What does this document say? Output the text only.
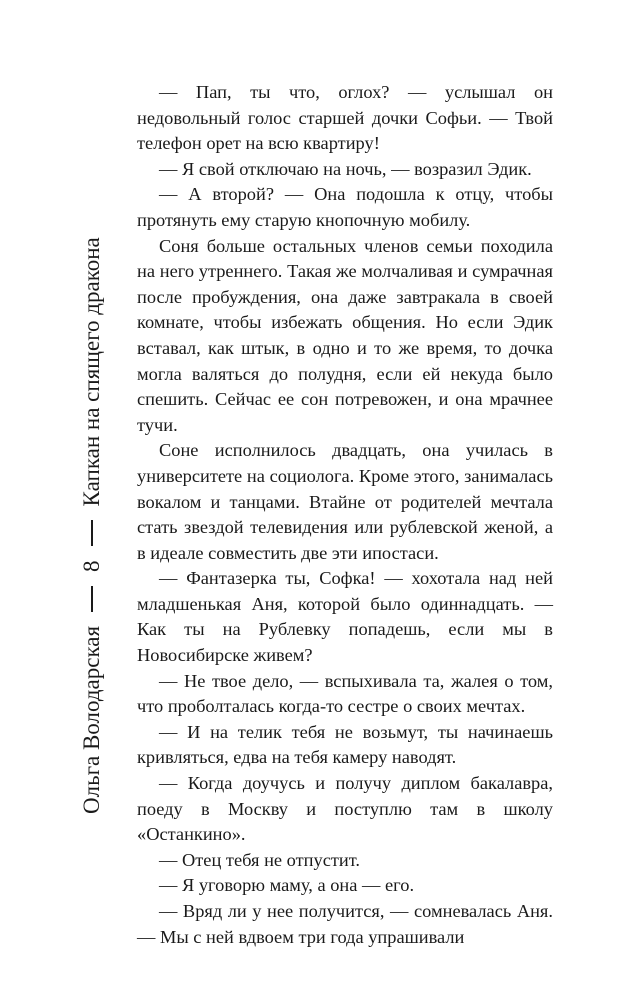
Ольга Володарская
8
Капкан на спящего дракона

— Пап, ты что, оглох? — услышал он недовольный голос старшей дочки Софьи. — Твой телефон орет на всю квартиру!

— Я свой отключаю на ночь, — возразил Эдик.

— А второй? — Она подошла к отцу, чтобы протянуть ему старую кнопочную мобилу.

Соня больше остальных членов семьи походила на него утреннего. Такая же молчаливая и сумрачная после пробуждения, она даже завтракала в своей комнате, чтобы избежать общения. Но если Эдик вставал, как штык, в одно и то же время, то дочка могла валяться до полудня, если ей некуда было спешить. Сейчас ее сон потревожен, и она мрачнее тучи.

Соне исполнилось двадцать, она училась в университете на социолога. Кроме этого, занималась вокалом и танцами. Втайне от родителей мечтала стать звездой телевидения или рублевской женой, а в идеале совместить две эти ипостаси.

— Фантазерка ты, Софка! — хохотала над ней младшенькая Аня, которой было одиннадцать. — Как ты на Рублевку попадешь, если мы в Новосибирске живем?

— Не твое дело, — вспыхивала та, жалея о том, что проболталась когда-то сестре о своих мечтах.

— И на телик тебя не возьмут, ты начинаешь кривляться, едва на тебя камеру наводят.

— Когда доучусь и получу диплом бакалавра, поеду в Москву и поступлю там в школу «Останкино».

— Отец тебя не отпустит.

— Я уговорю маму, а она — его.

— Вряд ли у нее получится, — сомневалась Аня. — Мы с ней вдвоем три года упрашивали
